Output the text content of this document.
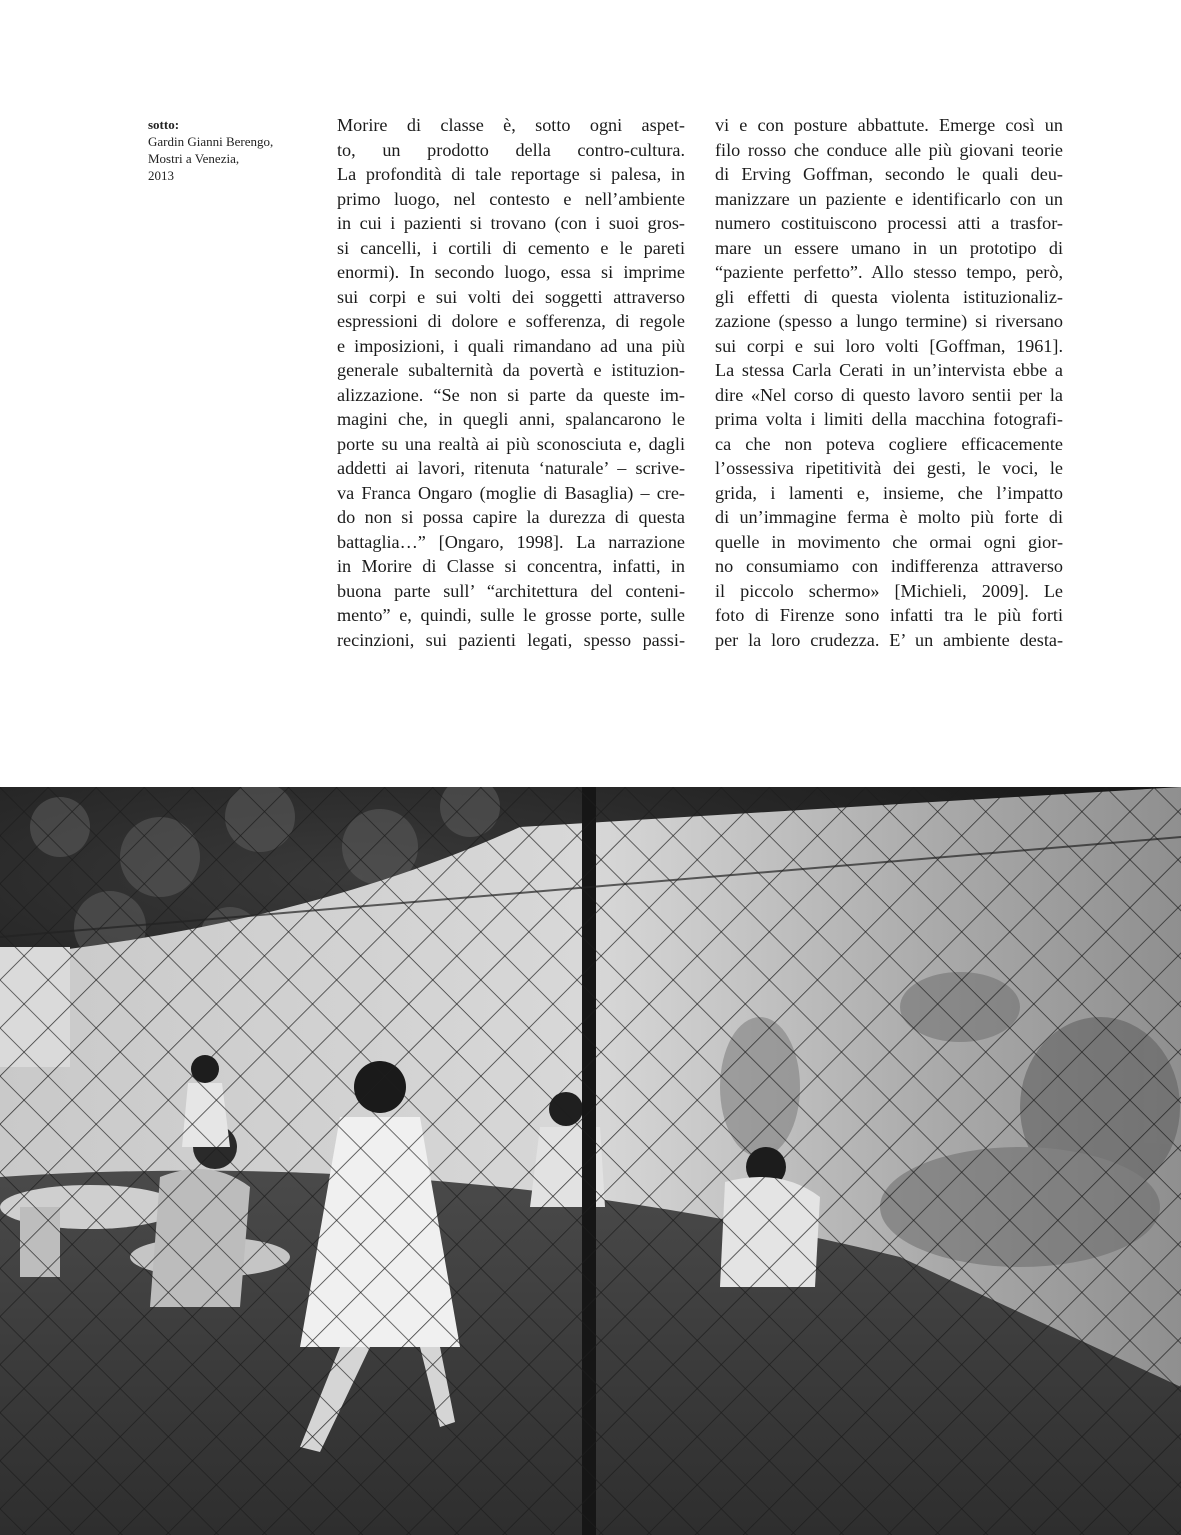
sotto:
Gardin Gianni Berengo,
Mostri a Venezia,
2013
Morire di classe è, sotto ogni aspet-
to, un prodotto della contro-cultura.
La profondità di tale reportage si palesa, in
primo luogo, nel contesto e nell’ambiente
in cui i pazienti si trovano (con i suoi gros-
si cancelli, i cortili di cemento e le pareti
enormi). In secondo luogo, essa si imprime
sui corpi e sui volti dei soggetti attraverso
espressioni di dolore e sofferenza, di regole
e imposizioni, i quali rimandano ad una più
generale subalternità da povertà e istituzion-
alizzazione. “Se non si parte da queste im-
magini che, in quegli anni, spalancarono le
porte su una realtà ai più sconosciuta e, dagli
addetti ai lavori, ritenuta ‘naturale’ – scrive-
va Franca Ongaro (moglie di Basaglia) – cre-
do non si possa capire la durezza di questa
battaglia…” [Ongaro, 1998]. La narrazione
in Morire di Classe si concentra, infatti, in
buona parte sull’ “architettura del conteni-
mento” e, quindi, sulle le grosse porte, sulle
recinzioni, sui pazienti legati, spesso passi-
vi e con posture abbattute. Emerge così un
filo rosso che conduce alle più giovani teorie
di Erving Goffman, secondo le quali deu-
manizzare un paziente e identificarlo con un
numero costituiscono processi atti a trasfor-
mare un essere umano in un prototipo di
“paziente perfetto”. Allo stesso tempo, però,
gli effetti di questa violenta istituzionaliz-
zazione (spesso a lungo termine) si riversano
sui corpi e sui loro volti [Goffman, 1961].
La stessa Carla Cerati in un’intervista ebbe a
dire «Nel corso di questo lavoro sentii per la
prima volta i limiti della macchina fotografi-
ca che non poteva cogliere efficacemente
l’ossessiva ripetitività dei gesti, le voci, le
grida, i lamenti e, insieme, che l’impatto
di un’immagine ferma è molto più forte di
quelle in movimento che ormai ogni gior-
no consumiamo con indifferenza attraverso
il piccolo schermo» [Michieli, 2009]. Le
foto di Firenze sono infatti tra le più forti
per la loro crudezza. E’ un ambiente desta-
